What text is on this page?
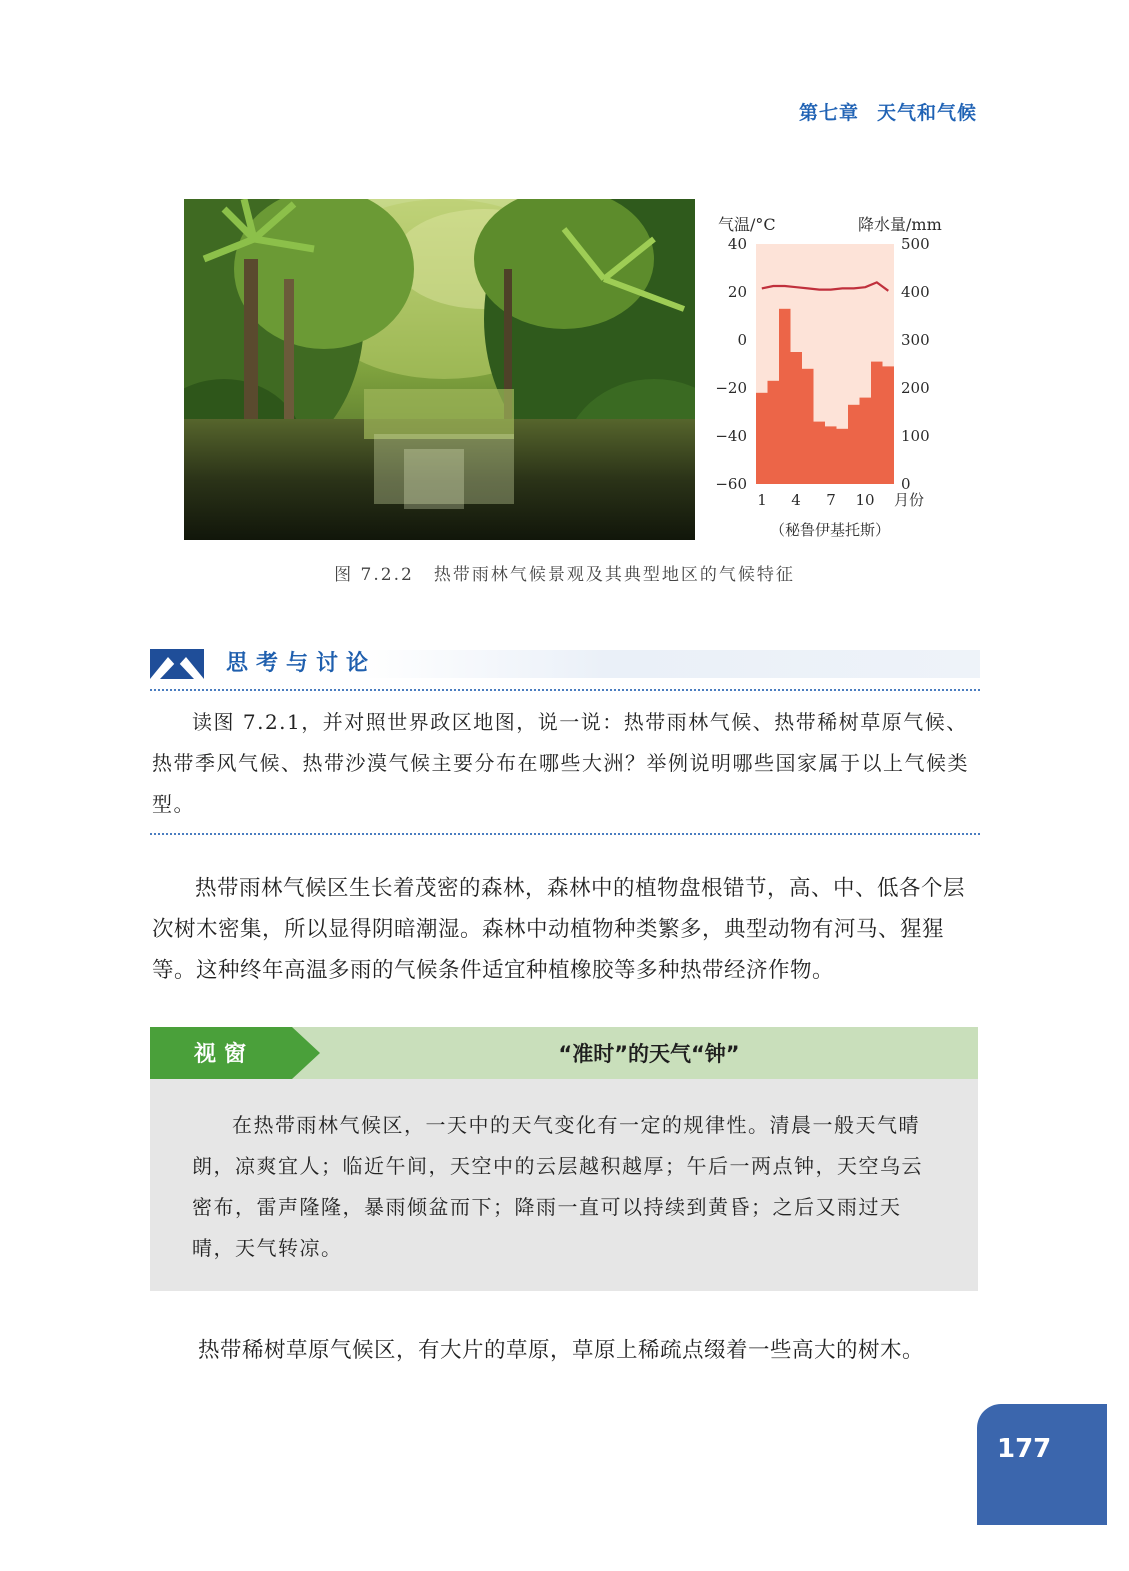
第七章 天气和气候
气温/°C	降水量/mm
40
20
0
−20
−40
−60
500
400
300
200
100
0
1 4 7 10 月份
（秘鲁伊基托斯）
图 7.2.2 热带雨林气候景观及其典型地区的气候特征
思考与讨论
读图 7.2.1，并对照世界政区地图，说一说：热带雨林气候、热带稀树草原气候、热带季风气候、热带沙漠气候主要分布在哪些大洲？举例说明哪些国家属于以上气候类型。
热带雨林气候区生长着茂密的森林，森林中的植物盘根错节，高、中、低各个层次树木密集，所以显得阴暗潮湿。森林中动植物种类繁多，典型动物有河马、猩猩等。这种终年高温多雨的气候条件适宜种植橡胶等多种热带经济作物。
视窗	“准时”的天气“钟”
在热带雨林气候区，一天中的天气变化有一定的规律性。清晨一般天气晴朗，凉爽宜人；临近午间，天空中的云层越积越厚；午后一两点钟，天空乌云密布，雷声隆隆，暴雨倾盆而下；降雨一直可以持续到黄昏；之后又雨过天晴，天气转凉。
热带稀树草原气候区，有大片的草原，草原上稀疏点缀着一些高大的树木。
177
